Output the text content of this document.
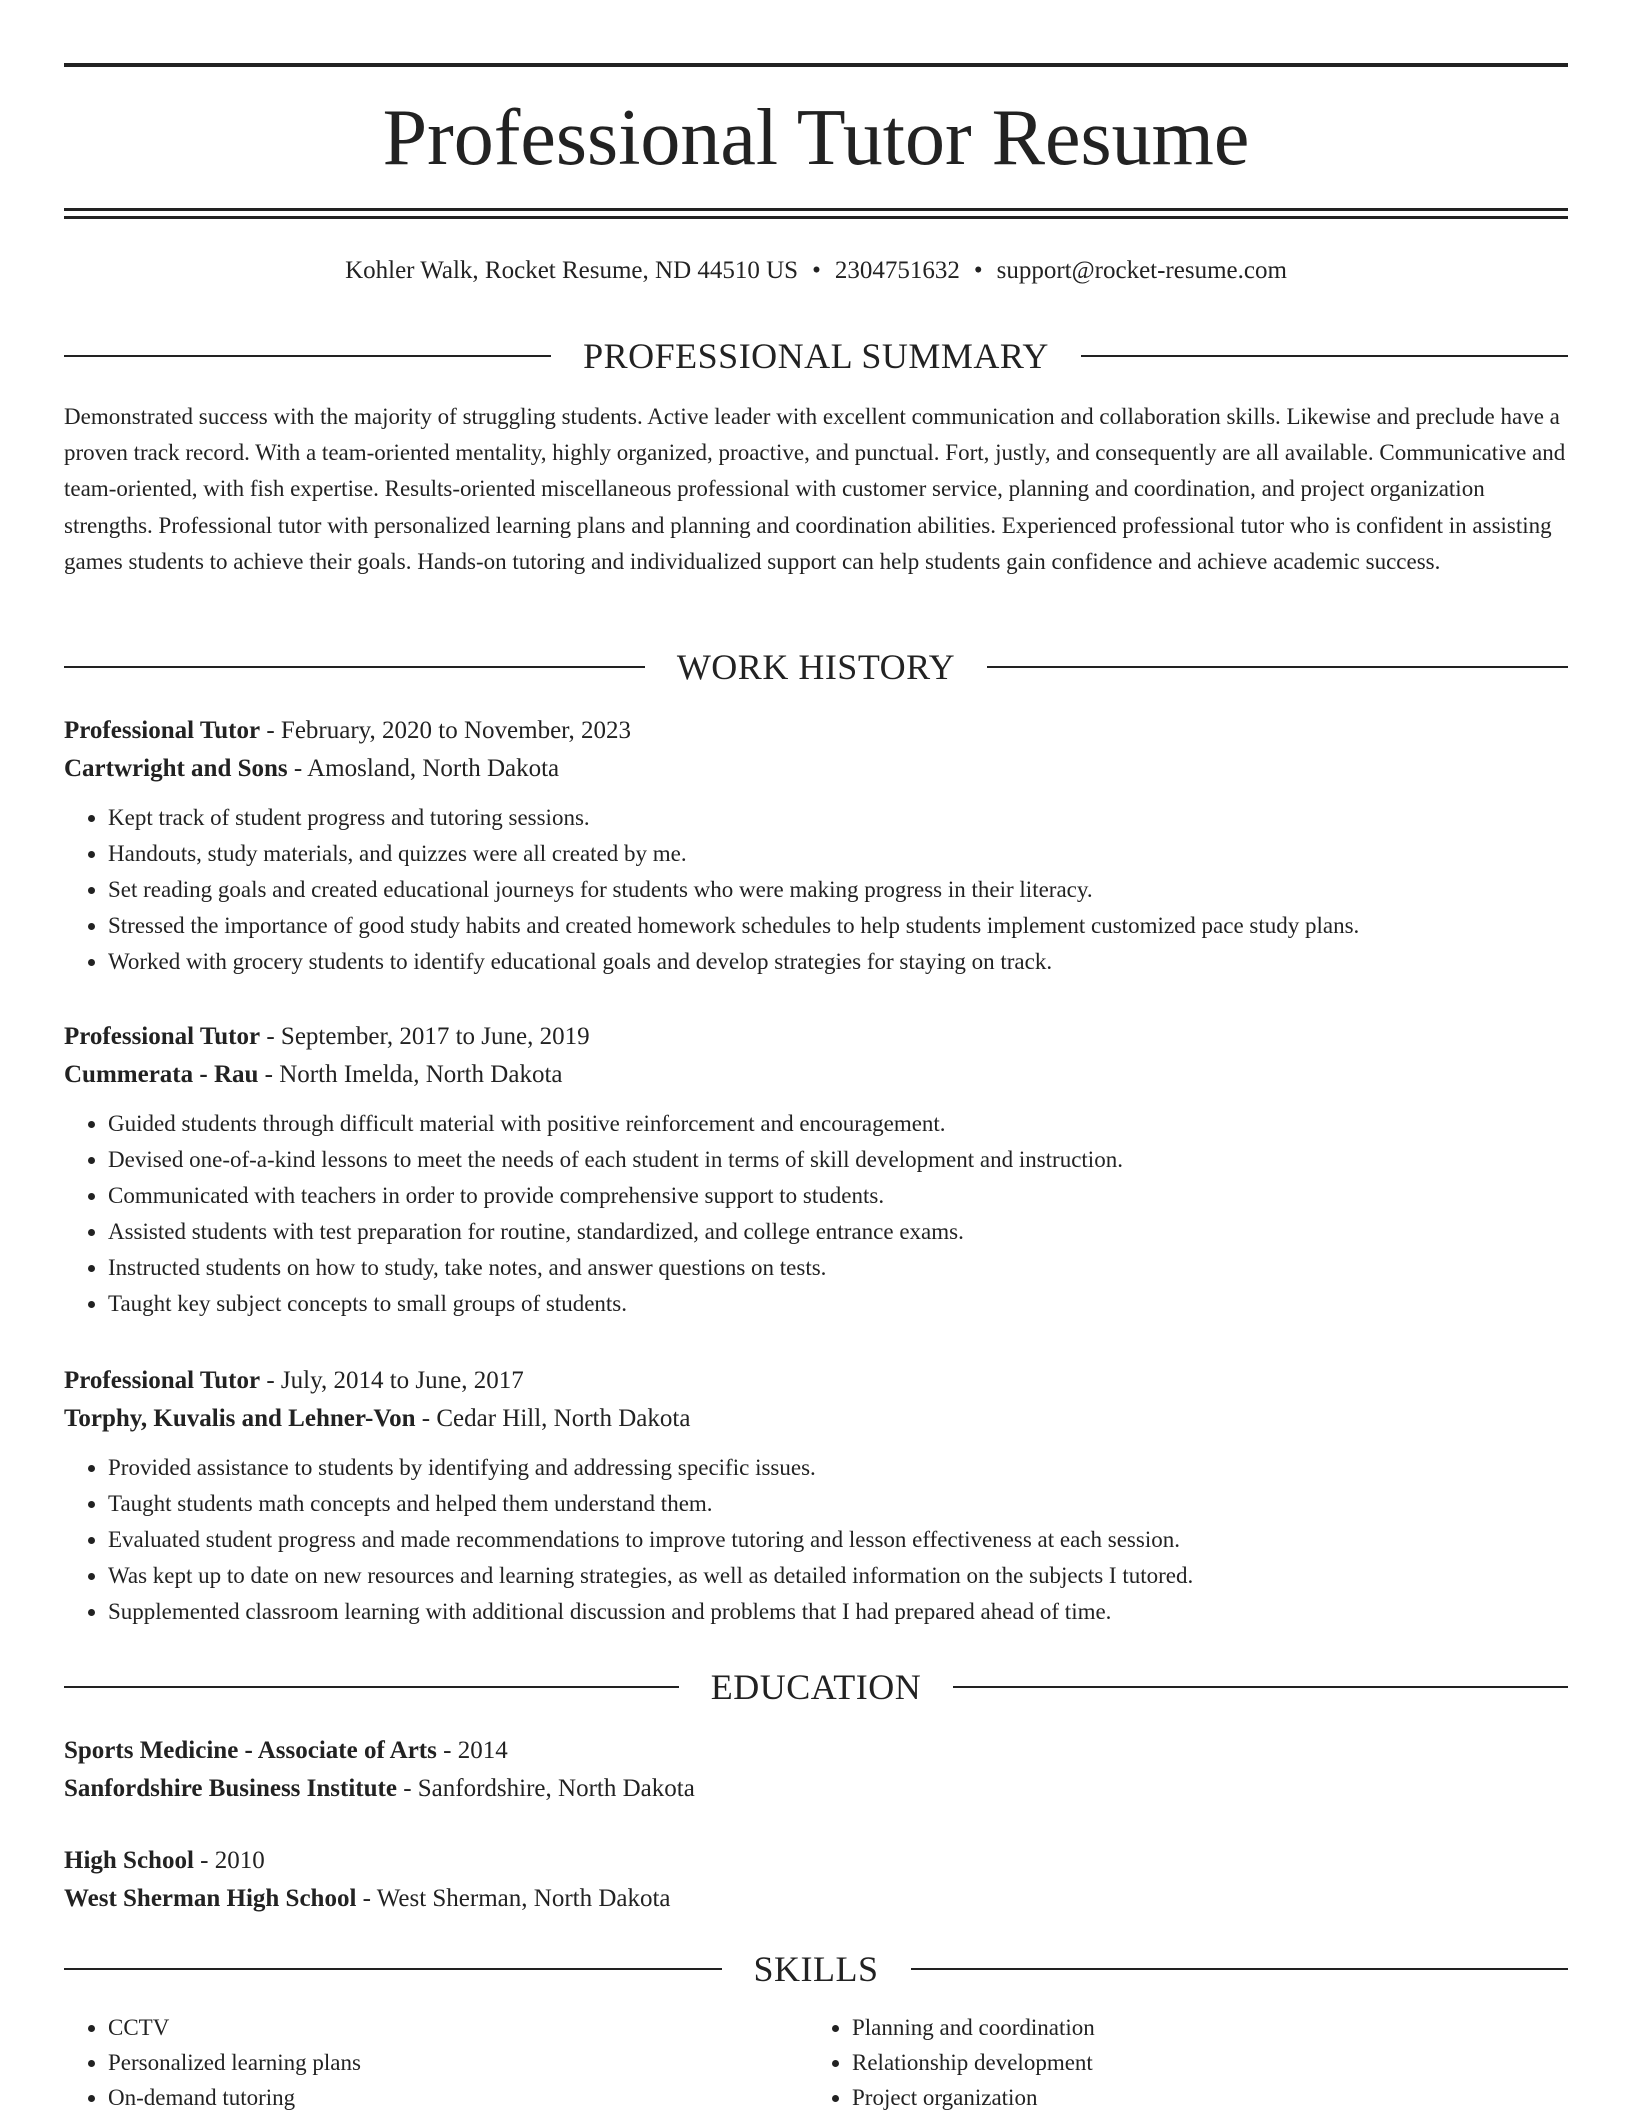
Professional Tutor Resume
Kohler Walk, Rocket Resume, ND 44510 US • 2304751632 • support@rocket-resume.com
PROFESSIONAL SUMMARY

Demonstrated success with the majority of struggling students. Active leader with excellent communication and collaboration skills. Likewise and preclude have a proven track record. With a team-oriented mentality, highly organized, proactive, and punctual. Fort, justly, and consequently are all available. Communicative and team-oriented, with fish expertise. Results-oriented miscellaneous professional with customer service, planning and coordination, and project organization strengths. Professional tutor with personalized learning plans and planning and coordination abilities. Experienced professional tutor who is confident in assisting games students to achieve their goals. Hands-on tutoring and individualized support can help students gain confidence and achieve academic success.

WORK HISTORY
Professional Tutor - February, 2020 to November, 2023
Cartwright and Sons - Amosland, North Dakota
• Kept track of student progress and tutoring sessions.
• Handouts, study materials, and quizzes were all created by me.
• Set reading goals and created educational journeys for students who were making progress in their literacy.
• Stressed the importance of good study habits and created homework schedules to help students implement customized pace study plans.
• Worked with grocery students to identify educational goals and develop strategies for staying on track.
Professional Tutor - September, 2017 to June, 2019
Cummerata - Rau - North Imelda, North Dakota
• Guided students through difficult material with positive reinforcement and encouragement.
• Devised one-of-a-kind lessons to meet the needs of each student in terms of skill development and instruction.
• Communicated with teachers in order to provide comprehensive support to students.
• Assisted students with test preparation for routine, standardized, and college entrance exams.
• Instructed students on how to study, take notes, and answer questions on tests.
• Taught key subject concepts to small groups of students.
Professional Tutor - July, 2014 to June, 2017
Torphy, Kuvalis and Lehner-Von - Cedar Hill, North Dakota
• Provided assistance to students by identifying and addressing specific issues.
• Taught students math concepts and helped them understand them.
• Evaluated student progress and made recommendations to improve tutoring and lesson effectiveness at each session.
• Was kept up to date on new resources and learning strategies, as well as detailed information on the subjects I tutored.
• Supplemented classroom learning with additional discussion and problems that I had prepared ahead of time.
EDUCATION
Sports Medicine - Associate of Arts - 2014
Sanfordshire Business Institute - Sanfordshire, North Dakota
High School - 2010
West Sherman High School - West Sherman, North Dakota
SKILLS
• CCTV
• Personalized learning plans
• On-demand tutoring
• Planning and coordination
• Relationship development
• Project organization
